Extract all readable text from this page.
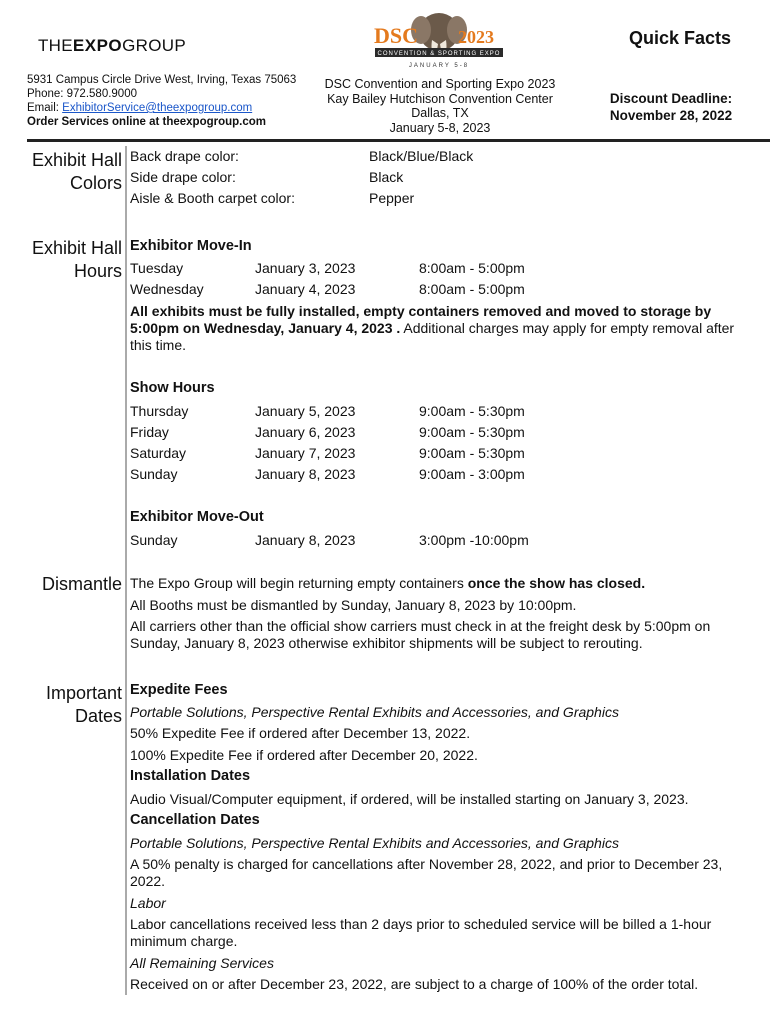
THEEXPOGROUP
5931 Campus Circle Drive West, Irving, Texas 75063
Phone: 972.580.9000
Email: ExhibitorService@theexpogroup.com
Order Services online at theexpogroup.com
DSC 2023
CONVENTION & SPORTING EXPO
JANUARY 5-8
DSC Convention and Sporting Expo 2023
Kay Bailey Hutchison Convention Center
Dallas, TX
January 5-8, 2023
Quick Facts
Discount Deadline:
November 28, 2022
Exhibit Hall
Colors
Back drape color:	Black/Blue/Black
Side drape color:	Black
Aisle & Booth carpet color:	Pepper
Exhibit Hall
Hours
Exhibitor Move-In
Tuesday	January 3, 2023	8:00am - 5:00pm
Wednesday	January 4, 2023	8:00am - 5:00pm
All exhibits must be fully installed, empty containers removed and moved to storage by 5:00pm on Wednesday, January 4, 2023 . Additional charges may apply for empty removal after this time.
Show Hours
Thursday	January 5, 2023	9:00am - 5:30pm
Friday	January 6, 2023	9:00am - 5:30pm
Saturday	January 7, 2023	9:00am - 5:30pm
Sunday	January 8, 2023	9:00am - 3:00pm
Exhibitor Move-Out
Sunday	January 8, 2023	3:00pm -10:00pm
Dismantle The Expo Group will begin returning empty containers once the show has closed.
All Booths must be dismantled by Sunday, January 8, 2023 by 10:00pm.
All carriers other than the official show carriers must check in at the freight desk by 5:00pm on Sunday, January 8, 2023 otherwise exhibitor shipments will be subject to rerouting.
Important
Dates
Expedite Fees
Portable Solutions, Perspective Rental Exhibits and Accessories, and Graphics
50% Expedite Fee if ordered after December 13, 2022.
100% Expedite Fee if ordered after December 20, 2022.
Installation Dates
Audio Visual/Computer equipment, if ordered, will be installed starting on January 3, 2023.
Cancellation Dates
Portable Solutions, Perspective Rental Exhibits and Accessories, and Graphics
A 50% penalty is charged for cancellations after November 28, 2022, and prior to December 23, 2022.
Labor
Labor cancellations received less than 2 days prior to scheduled service will be billed a 1-hour minimum charge.
All Remaining Services
Received on or after December 23, 2022, are subject to a charge of 100% of the order total.
